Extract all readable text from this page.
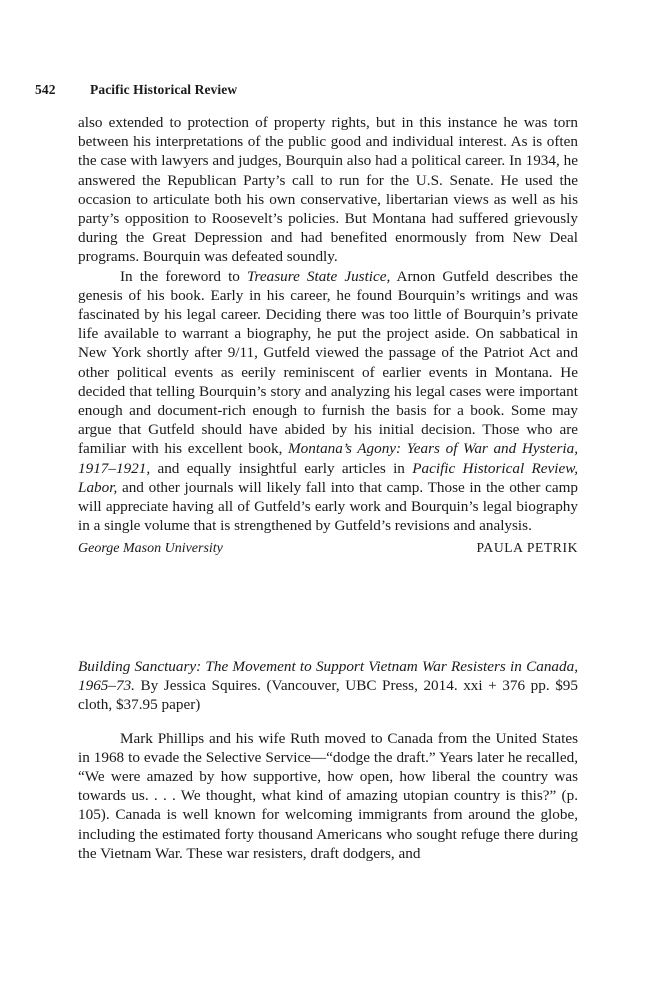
542	Pacific Historical Review

also extended to protection of property rights, but in this instance he was torn between his interpretations of the public good and individual interest. As is often the case with lawyers and judges, Bourquin also had a political career. In 1934, he answered the Republican Party’s call to run for the U.S. Senate. He used the occasion to articulate both his own conservative, libertarian views as well as his party’s opposition to Roosevelt’s policies. But Montana had suffered grievously during the Great Depression and had benefited enormously from New Deal programs. Bourquin was defeated soundly.

In the foreword to Treasure State Justice, Arnon Gutfeld describes the genesis of his book. Early in his career, he found Bourquin’s writings and was fascinated by his legal career. Deciding there was too little of Bourquin’s private life available to warrant a biography, he put the project aside. On sabbatical in New York shortly after 9/11, Gutfeld viewed the passage of the Patriot Act and other political events as eerily reminiscent of earlier events in Montana. He decided that telling Bourquin’s story and analyzing his legal cases were important enough and document-rich enough to furnish the basis for a book. Some may argue that Gutfeld should have abided by his initial decision. Those who are familiar with his excellent book, Montana’s Agony: Years of War and Hysteria, 1917–1921, and equally insightful early articles in Pacific Historical Review, Labor, and other journals will likely fall into that camp. Those in the other camp will appreciate having all of Gutfeld’s early work and Bourquin’s legal biography in a single volume that is strengthened by Gutfeld’s revisions and analysis.

George Mason University	PAULA PETRIK

Building Sanctuary: The Movement to Support Vietnam War Resisters in Canada, 1965–73. By Jessica Squires. (Vancouver, UBC Press, 2014. xxi + 376 pp. $95 cloth, $37.95 paper)

Mark Phillips and his wife Ruth moved to Canada from the United States in 1968 to evade the Selective Service—“dodge the draft.” Years later he recalled, “We were amazed by how supportive, how open, how liberal the country was towards us. . . . We thought, what kind of amazing utopian country is this?” (p. 105). Canada is well known for welcoming immigrants from around the globe, including the estimated forty thousand Americans who sought refuge there during the Vietnam War. These war resisters, draft dodgers, and
